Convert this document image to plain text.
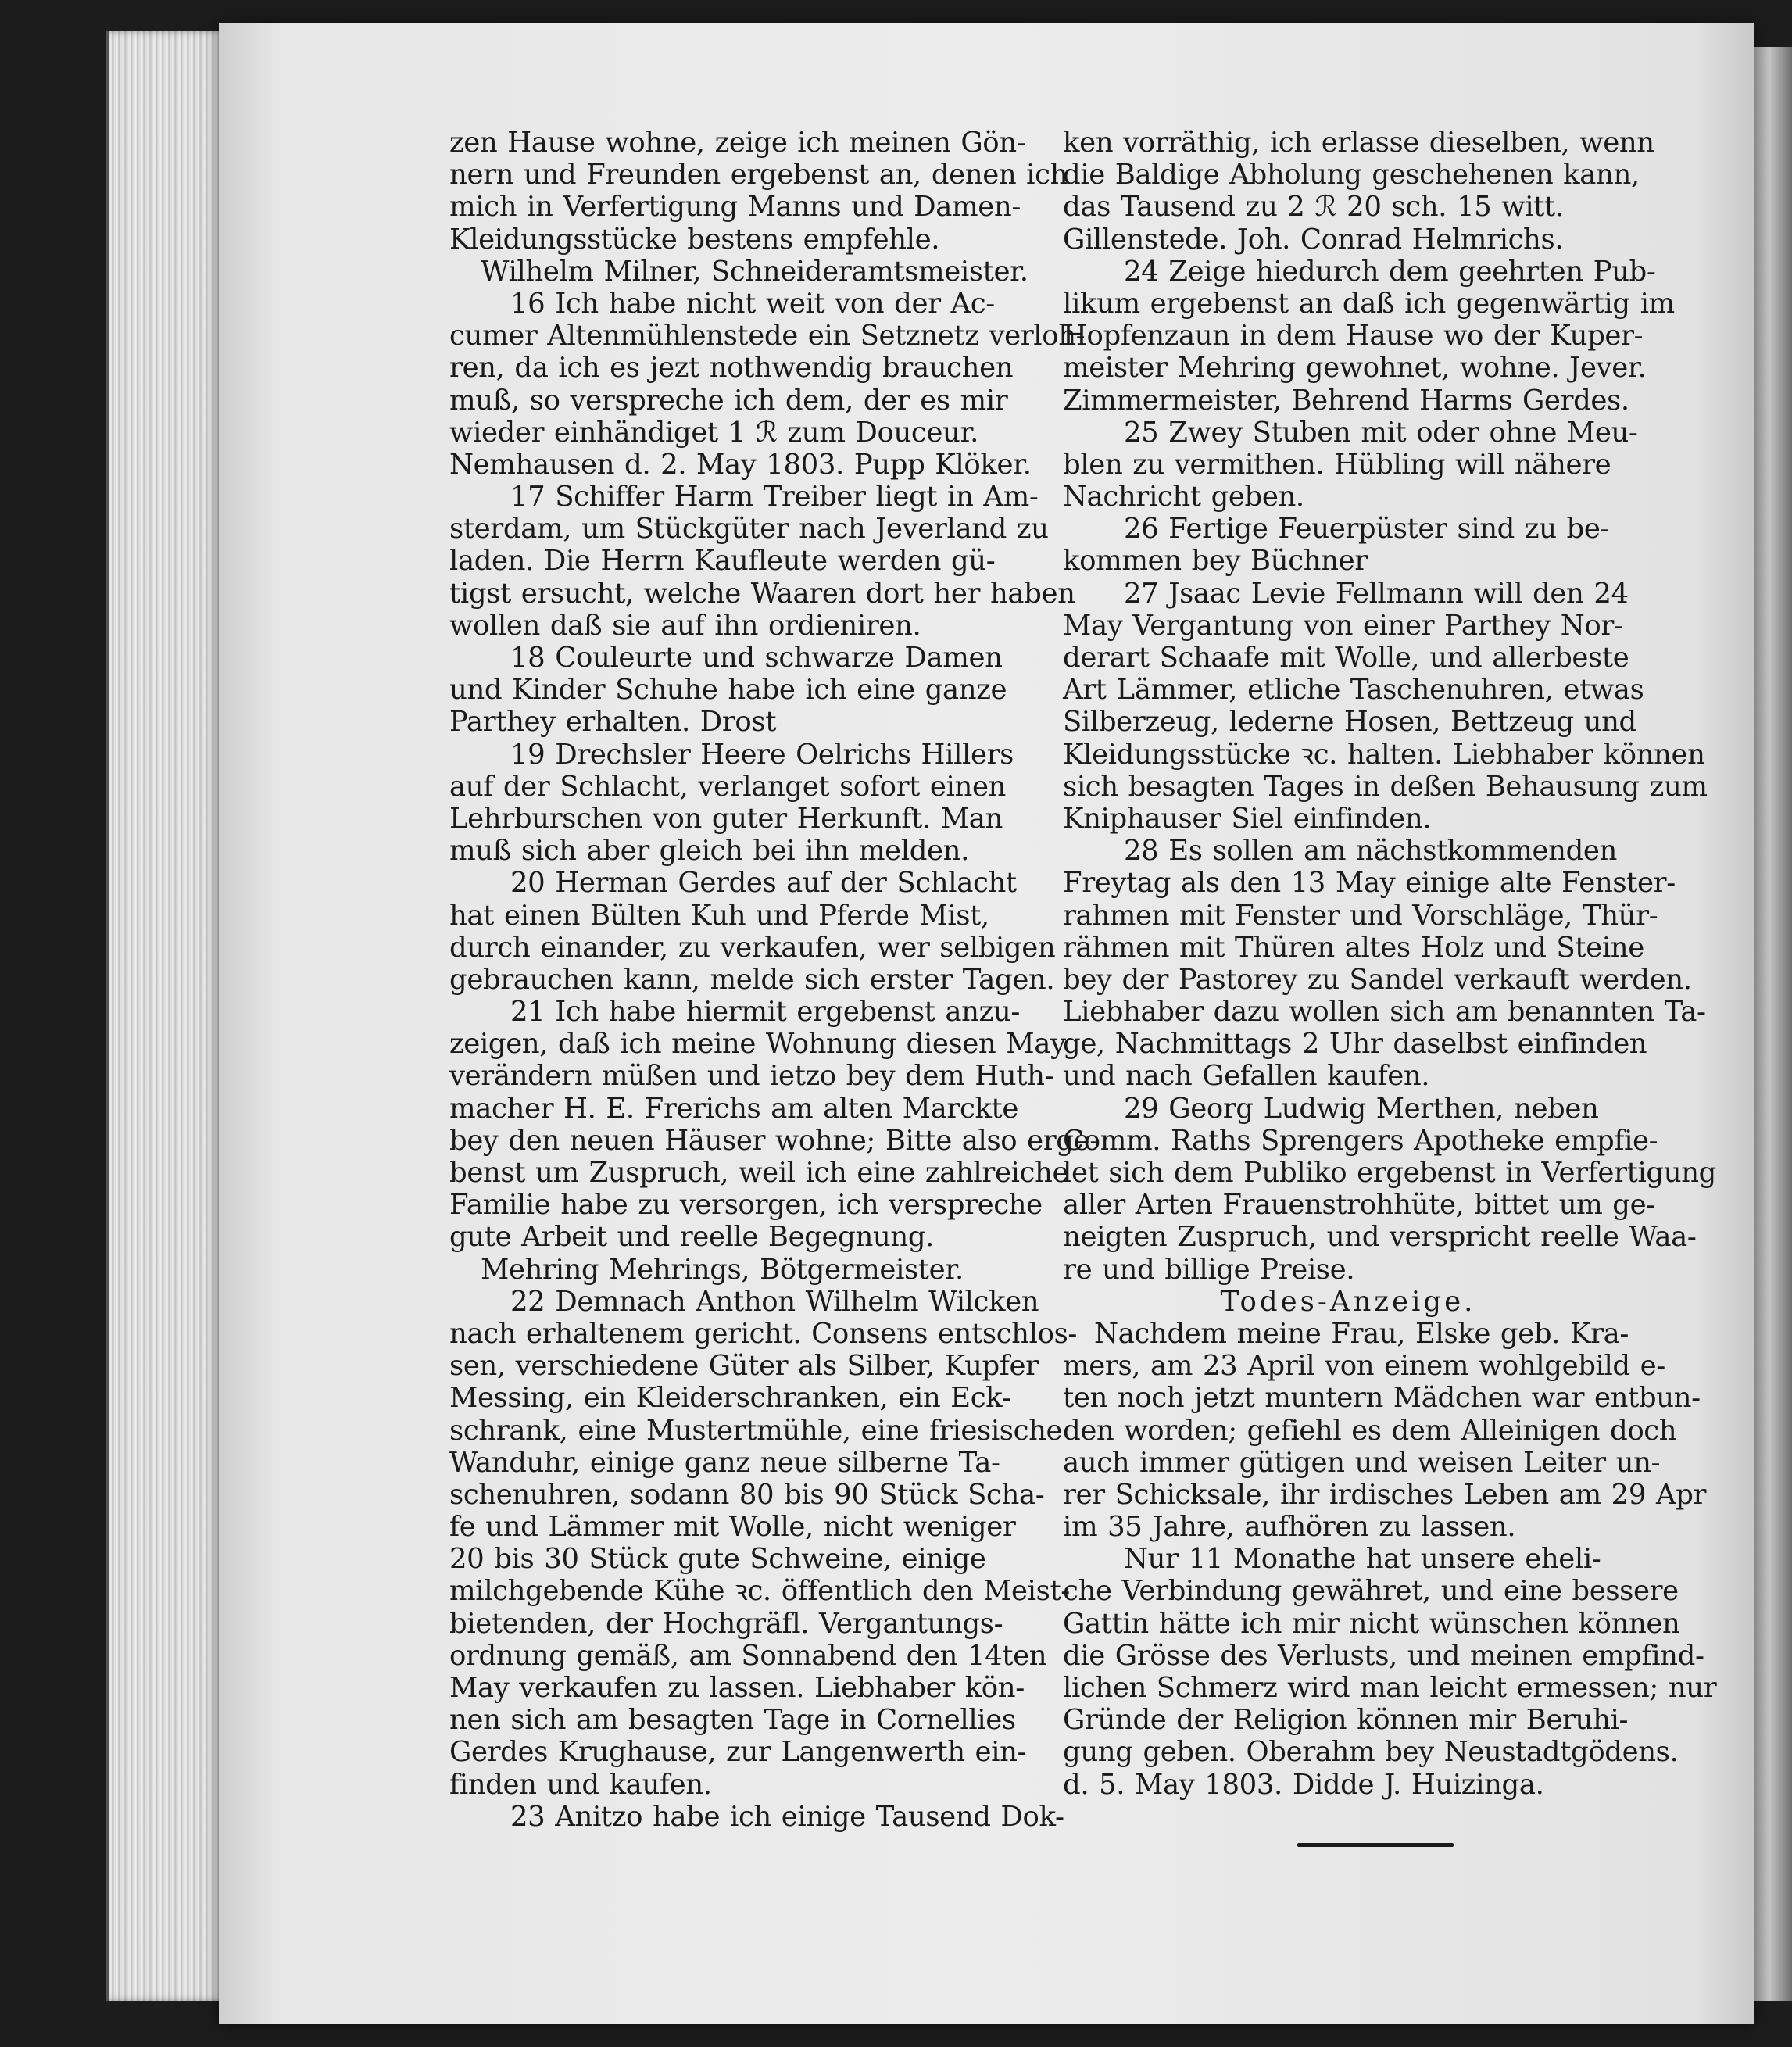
zen Hause wohne, zeige ich meinen Gön-
nern und Freunden ergebenst an, denen ich
mich in Verfertigung Manns und Damen-
Kleidungsstücke bestens empfehle.
Wilhelm Milner, Schneideramtsmeister.
16 Ich habe nicht weit von der Ac-
cumer Altenmühlenstede ein Setznetz verloh-
ren, da ich es jezt nothwendig brauchen
muß, so verspreche ich dem, der es mir
wieder einhändiget 1 ℛ zum Douceur.
Nemhausen d. 2. May 1803. Pupp Klöker.
17 Schiffer Harm Treiber liegt in Am-
sterdam, um Stückgüter nach Jeverland zu
laden. Die Herrn Kaufleute werden gü-
tigst ersucht, welche Waaren dort her haben
wollen daß sie auf ihn ordieniren.
18 Couleurte und schwarze Damen
und Kinder Schuhe habe ich eine ganze
Parthey erhalten. Drost
19 Drechsler Heere Oelrichs Hillers
auf der Schlacht, verlanget sofort einen
Lehrburschen von guter Herkunft. Man
muß sich aber gleich bei ihn melden.
20 Herman Gerdes auf der Schlacht
hat einen Bülten Kuh und Pferde Mist,
durch einander, zu verkaufen, wer selbigen
gebrauchen kann, melde sich erster Tagen.
21 Ich habe hiermit ergebenst anzu-
zeigen, daß ich meine Wohnung diesen May
verändern müßen und ietzo bey dem Huth-
macher H. E. Frerichs am alten Marckte
bey den neuen Häuser wohne; Bitte also erge-
benst um Zuspruch, weil ich eine zahlreiche
Familie habe zu versorgen, ich verspreche
gute Arbeit und reelle Begegnung.
Mehring Mehrings, Bötgermeister.
22 Demnach Anthon Wilhelm Wilcken
nach erhaltenem gericht. Consens entschlos-
sen, verschiedene Güter als Silber, Kupfer
Messing, ein Kleiderschranken, ein Eck-
schrank, eine Mustertmühle, eine friesische
Wanduhr, einige ganz neue silberne Ta-
schenuhren, sodann 80 bis 90 Stück Scha-
fe und Lämmer mit Wolle, nicht weniger
20 bis 30 Stück gute Schweine, einige
milchgebende Kühe ꝛc. öffentlich den Meist-
bietenden, der Hochgräfl. Vergantungs-
ordnung gemäß, am Sonnabend den 14ten
May verkaufen zu lassen. Liebhaber kön-
nen sich am besagten Tage in Cornellies
Gerdes Krughause, zur Langenwerth ein-
finden und kaufen.
23 Anitzo habe ich einige Tausend Dok-
ken vorräthig, ich erlasse dieselben, wenn
die Baldige Abholung geschehenen kann,
das Tausend zu 2 ℛ 20 sch. 15 witt.
Gillenstede. Joh. Conrad Helmrichs.
24 Zeige hiedurch dem geehrten Pub-
likum ergebenst an daß ich gegenwärtig im
Hopfenzaun in dem Hause wo der Kuper-
meister Mehring gewohnet, wohne. Jever.
Zimmermeister, Behrend Harms Gerdes.
25 Zwey Stuben mit oder ohne Meu-
blen zu vermithen. Hübling will nähere
Nachricht geben.
26 Fertige Feuerpüster sind zu be-
kommen bey Büchner
27 Jsaac Levie Fellmann will den 24
May Vergantung von einer Parthey Nor-
derart Schaafe mit Wolle, und allerbeste
Art Lämmer, etliche Taschenuhren, etwas
Silberzeug, lederne Hosen, Bettzeug und
Kleidungsstücke ꝛc. halten. Liebhaber können
sich besagten Tages in deßen Behausung zum
Kniphauser Siel einfinden.
28 Es sollen am nächstkommenden
Freytag als den 13 May einige alte Fenster-
rahmen mit Fenster und Vorschläge, Thür-
rähmen mit Thüren altes Holz und Steine
bey der Pastorey zu Sandel verkauft werden.
Liebhaber dazu wollen sich am benannten Ta-
ge, Nachmittags 2 Uhr daselbst einfinden
und nach Gefallen kaufen.
29 Georg Ludwig Merthen, neben
Comm. Raths Sprengers Apotheke empfie-
let sich dem Publiko ergebenst in Verfertigung
aller Arten Frauenstrohhüte, bittet um ge-
neigten Zuspruch, und verspricht reelle Waa-
re und billige Preise.
Todes-Anzeige.
Nachdem meine Frau, Elske geb. Kra-
mers, am 23 April von einem wohlgebild e-
ten noch jetzt muntern Mädchen war entbun-
den worden; gefiehl es dem Alleinigen doch
auch immer gütigen und weisen Leiter un-
rer Schicksale, ihr irdisches Leben am 29 Apr
im 35 Jahre, aufhören zu lassen.
Nur 11 Monathe hat unsere eheli-
che Verbindung gewähret, und eine bessere
Gattin hätte ich mir nicht wünschen können
die Grösse des Verlusts, und meinen empfind-
lichen Schmerz wird man leicht ermessen; nur
Gründe der Religion können mir Beruhi-
gung geben. Oberahm bey Neustadtgödens.
d. 5. May 1803. Didde J. Huizinga.
